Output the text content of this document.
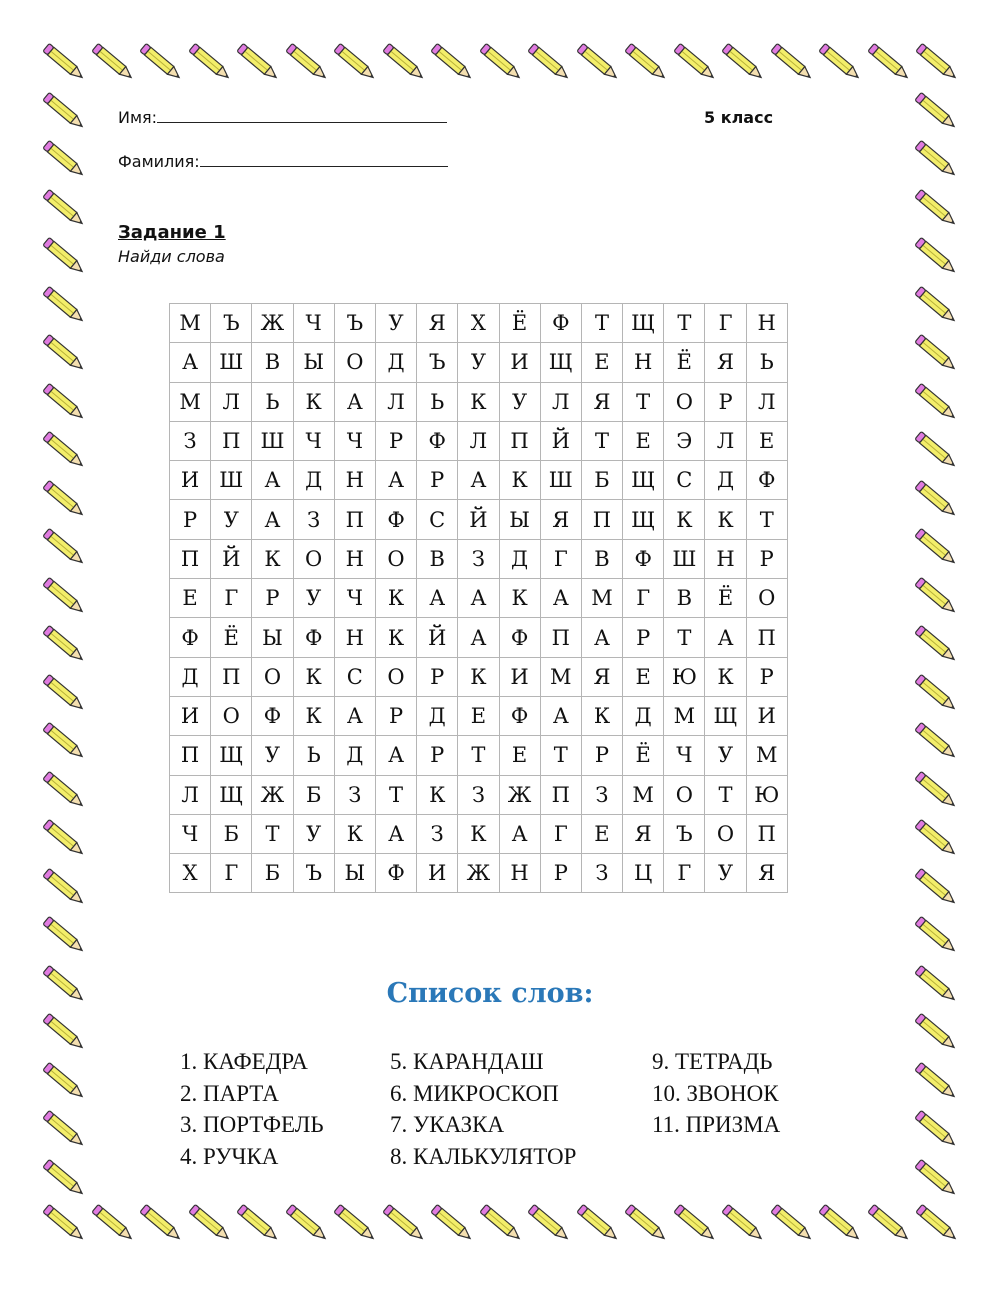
Имя:	5 класс
Фамилия:
Задание 1
Найди слова
М	Ъ	Ж	Ч	Ъ	У	Я	Х	Ё	Ф	Т	Щ	Т	Г	Н
А	Ш	В	Ы	О	Д	Ъ	У	И	Щ	Е	Н	Ё	Я	Ь
М	Л	Ь	К	А	Л	Ь	К	У	Л	Я	Т	О	Р	Л
З	П	Ш	Ч	Ч	Р	Ф	Л	П	Й	Т	Е	Э	Л	Е
И	Ш	А	Д	Н	А	Р	А	К	Ш	Б	Щ	С	Д	Ф
Р	У	А	З	П	Ф	С	Й	Ы	Я	П	Щ	К	К	Т
П	Й	К	О	Н	О	В	З	Д	Г	В	Ф	Ш	Н	Р
Е	Г	Р	У	Ч	К	А	А	К	А	М	Г	В	Ё	О
Ф	Ё	Ы	Ф	Н	К	Й	А	Ф	П	А	Р	Т	А	П
Д	П	О	К	С	О	Р	К	И	М	Я	Е	Ю	К	Р
И	О	Ф	К	А	Р	Д	Е	Ф	А	К	Д	М	Щ	И
П	Щ	У	Ь	Д	А	Р	Т	Е	Т	Р	Ё	Ч	У	М
Л	Щ	Ж	Б	З	Т	К	З	Ж	П	З	М	О	Т	Ю
Ч	Б	Т	У	К	А	З	К	А	Г	Е	Я	Ъ	О	П
Х	Г	Б	Ъ	Ы	Ф	И	Ж	Н	Р	З	Ц	Г	У	Я
Список слов:
1. КАФЕДРА
2. ПАРТА
3. ПОРТФЕЛЬ
4. РУЧКА
5. КАРАНДАШ
6. МИКРОСКОП
7. УКАЗКА
8. КАЛЬКУЛЯТОР
9. ТЕТРАДЬ
10. ЗВОНОК
11. ПРИЗМА
